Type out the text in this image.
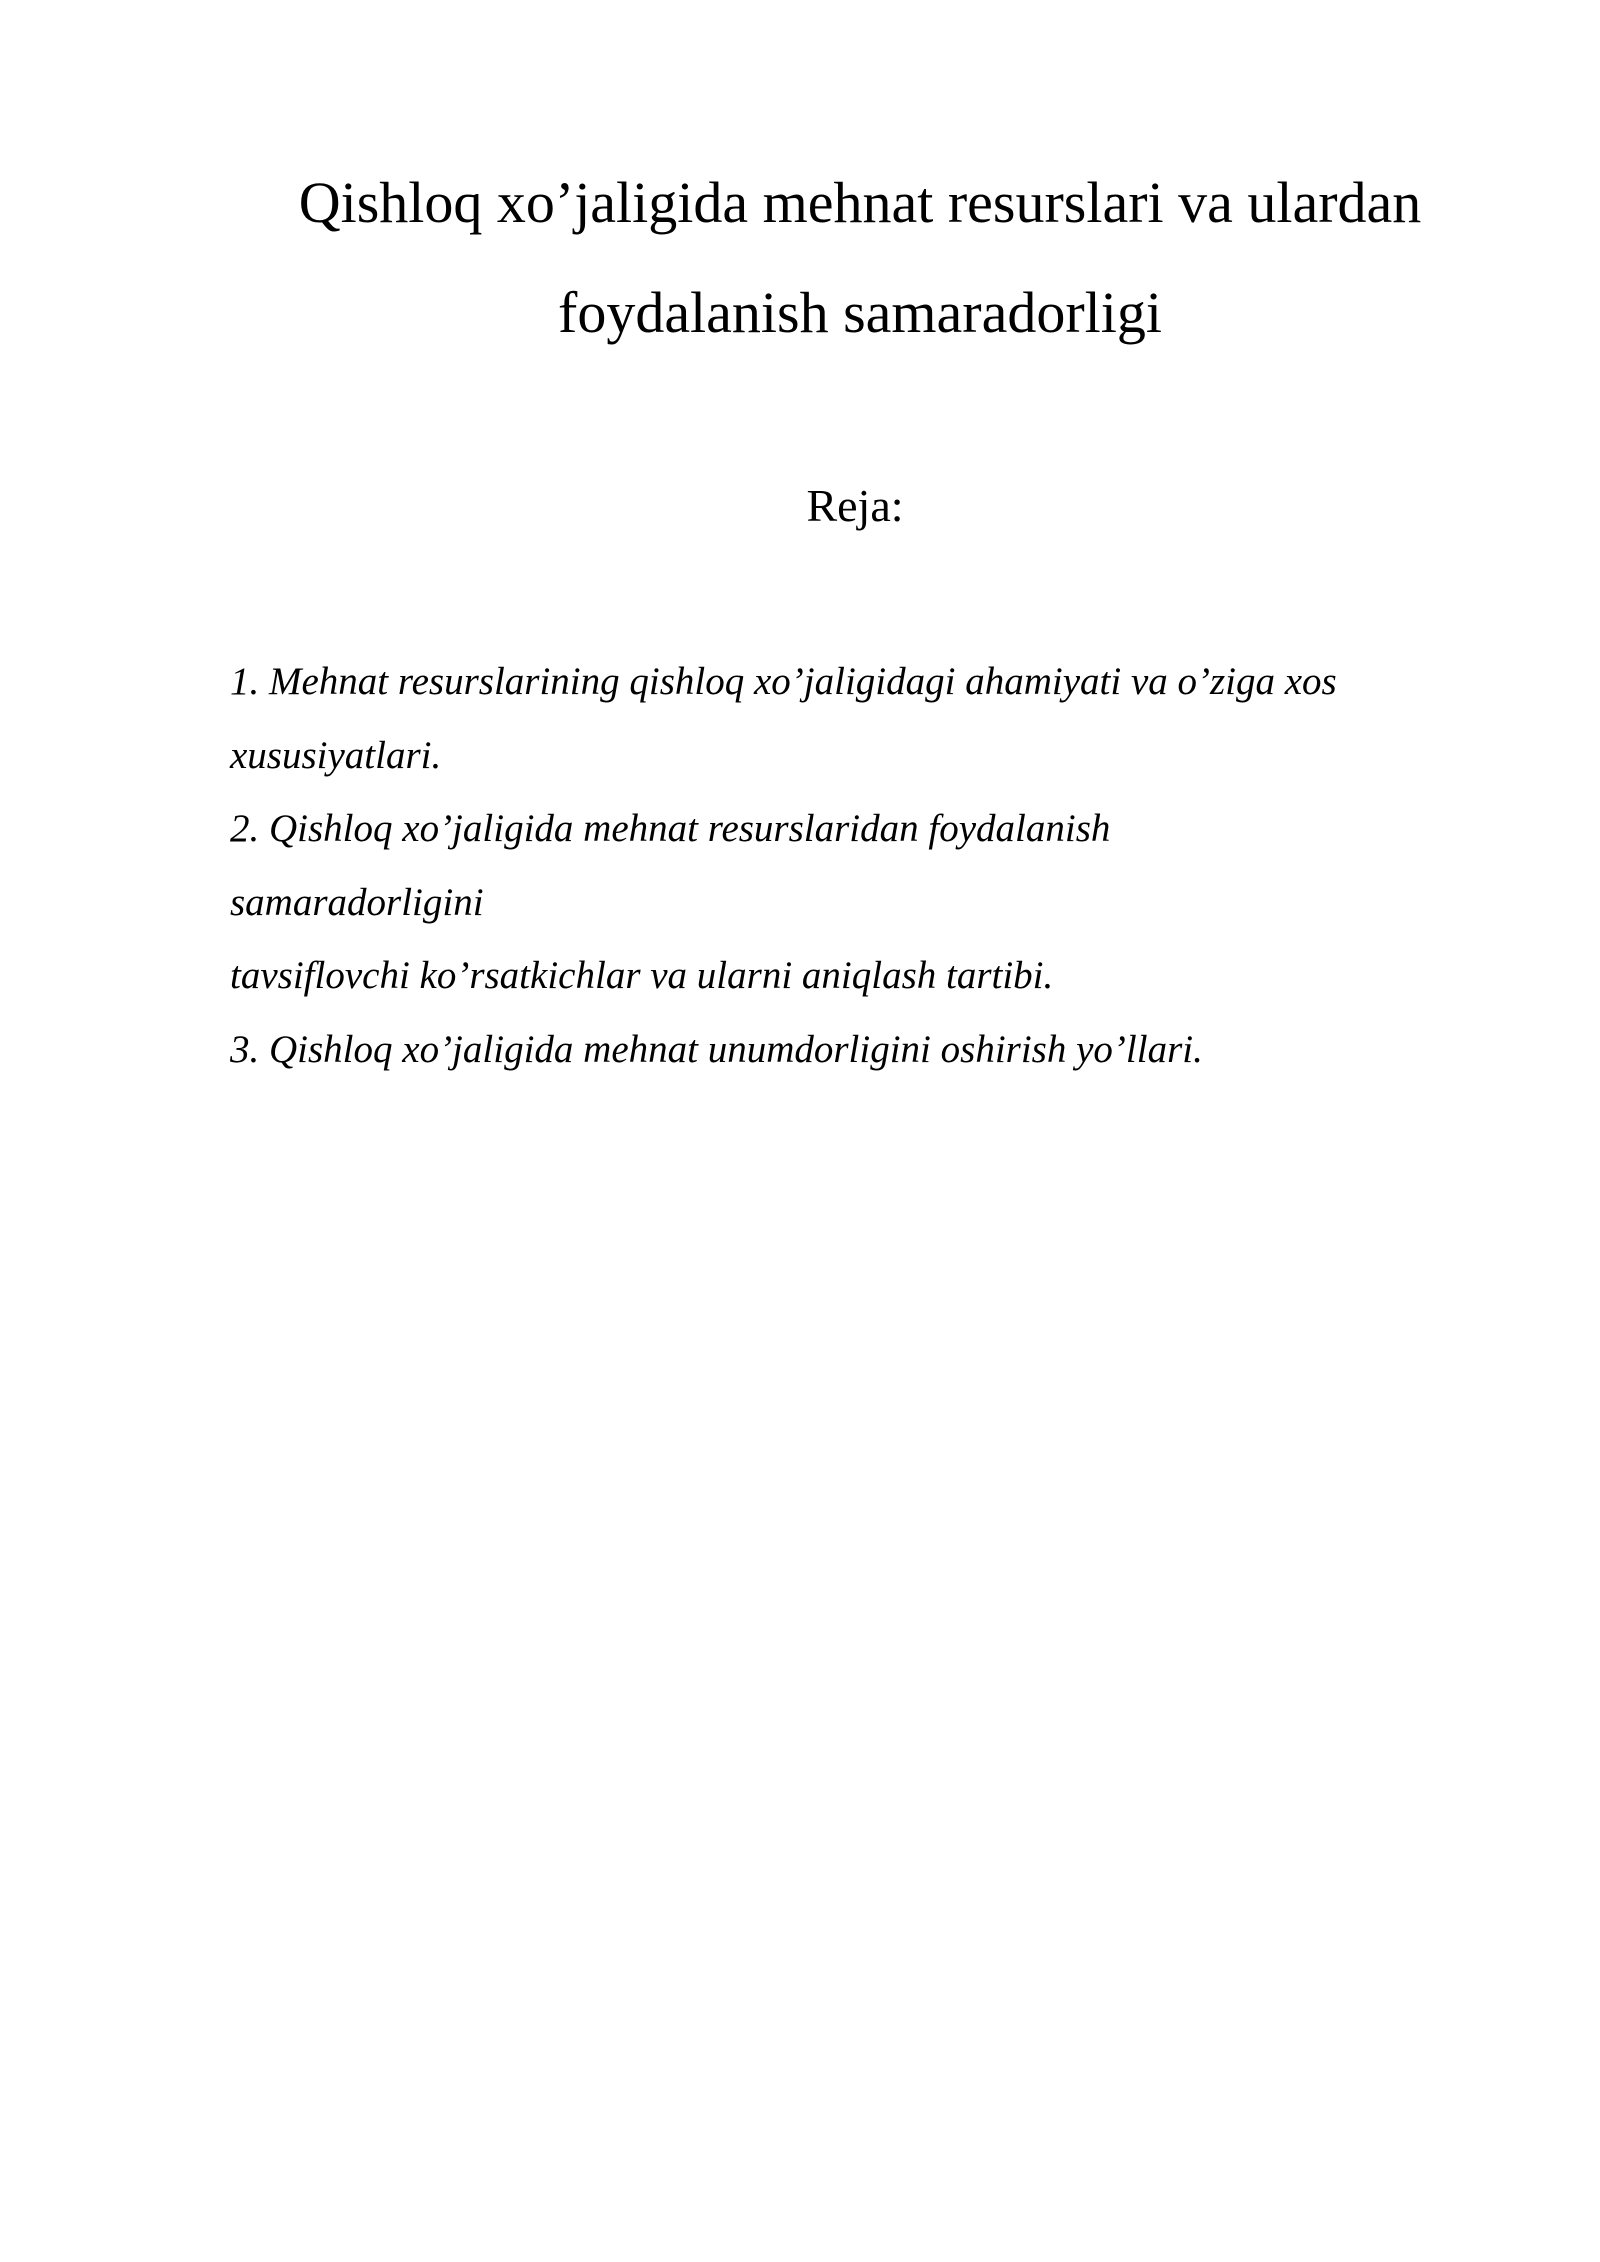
Qishloq xo’jaligida mehnat resurslari va ulardan
foydalanish samaradorligi
Reja:
1. Mehnat resurslarining qishloq xo’jaligidagi ahamiyati va o’ziga xos
xususiyatlari.
2. Qishloq xo’jaligida mehnat resurslaridan foydalanish
samaradorligini
tavsiflovchi ko’rsatkichlar va ularni aniqlash tartibi.
3. Qishloq xo’jaligida mehnat unumdorligini oshirish yo’llari.
